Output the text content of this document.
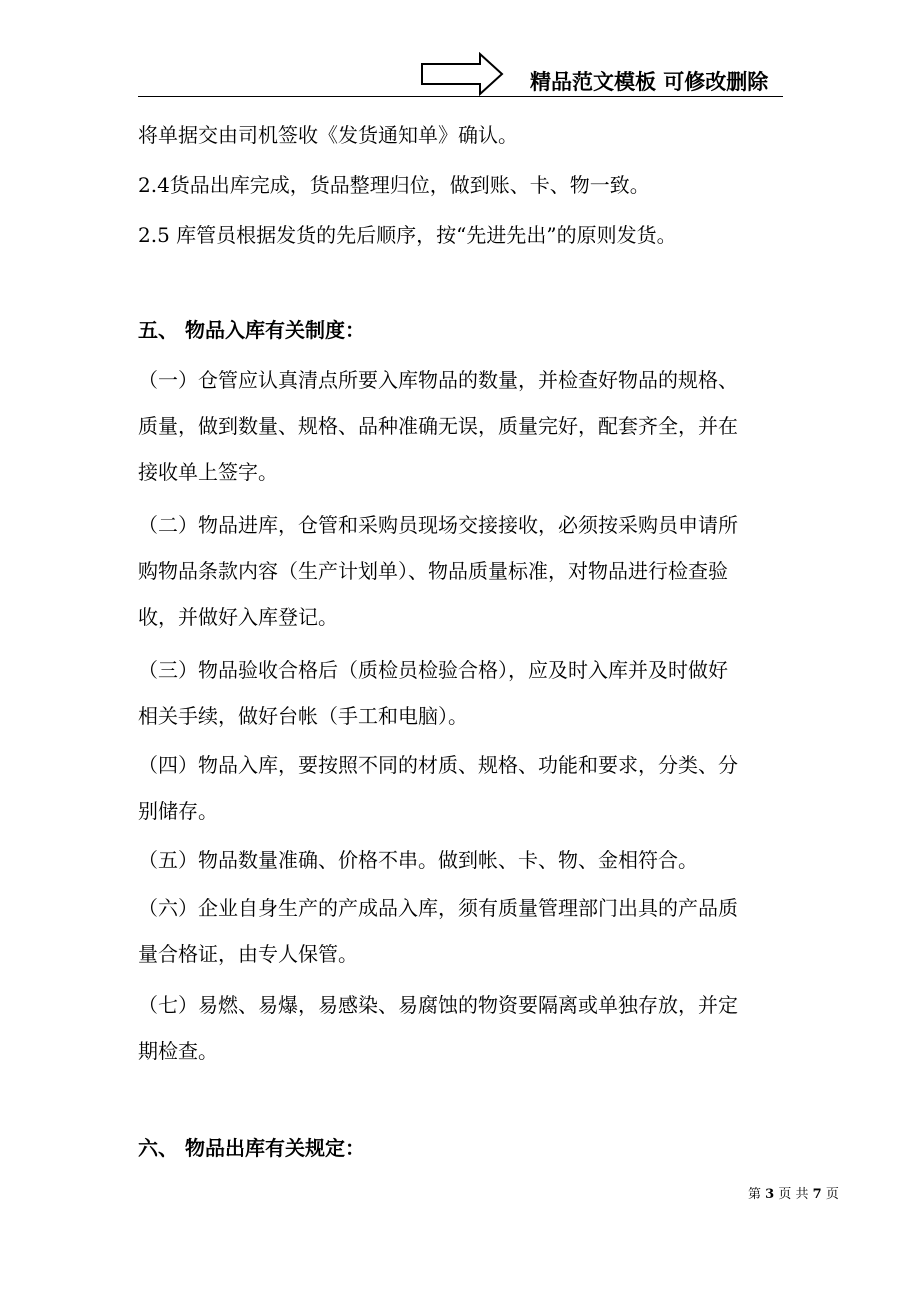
精品范文模板 可修改删除
将单据交由司机签收《发货通知单》确认。
2.4货品出库完成，货品整理归位，做到账、卡、物一致。
2.5 库管员根据发货的先后顺序，按“先进先出”的原则发货。
五、 物品入库有关制度：
（一）仓管应认真清点所要入库物品的数量，并检查好物品的规格、
质量，做到数量、规格、品种准确无误，质量完好，配套齐全，并在
接收单上签字。
（二）物品进库，仓管和采购员现场交接接收，必须按采购员申请所
购物品条款内容（生产计划单）、物品质量标准，对物品进行检查验
收，并做好入库登记。
（三）物品验收合格后（质检员检验合格），应及时入库并及时做好
相关手续，做好台帐（手工和电脑）。
（四）物品入库，要按照不同的材质、规格、功能和要求，分类、分
别储存。
（五）物品数量准确、价格不串。做到帐、卡、物、金相符合。
（六）企业自身生产的产成品入库，须有质量管理部门出具的产品质
量合格证，由专人保管。
（七）易燃、易爆，易感染、易腐蚀的物资要隔离或单独存放，并定
期检查。
六、 物品出库有关规定：
第 3 页 共 7 页
